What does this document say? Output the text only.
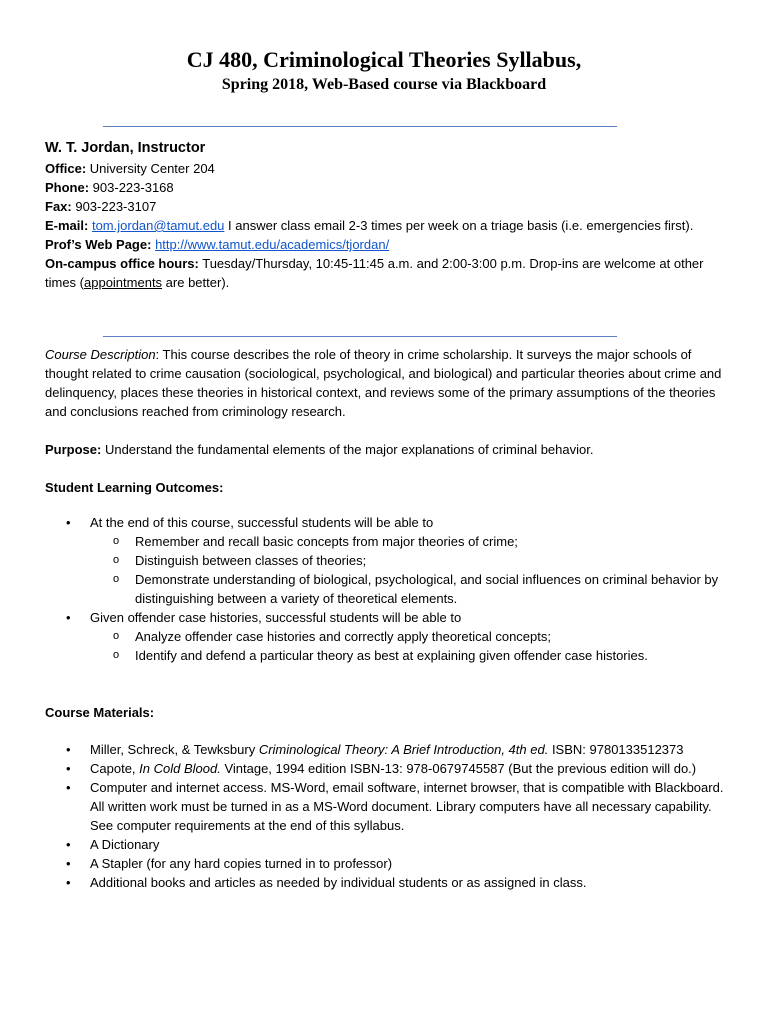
CJ 480, Criminological Theories Syllabus,
Spring 2018, Web-Based course via Blackboard
W. T. Jordan, Instructor
Office: University Center 204
Phone: 903-223-3168
Fax: 903-223-3107
E-mail: tom.jordan@tamut.edu I answer class email 2-3 times per week on a triage basis (i.e. emergencies first).
Prof’s Web Page: http://www.tamut.edu/academics/tjordan/
On-campus office hours: Tuesday/Thursday, 10:45-11:45 a.m. and 2:00-3:00 p.m. Drop-ins are welcome at other times (appointments are better).

Course Description: This course describes the role of theory in crime scholarship. It surveys the major schools of thought related to crime causation (sociological, psychological, and biological) and particular theories about crime and delinquency, places these theories in historical context, and reviews some of the primary assumptions of the theories and conclusions reached from criminology research.

Purpose: Understand the fundamental elements of the major explanations of criminal behavior.

Student Learning Outcomes:
• At the end of this course, successful students will be able to
o Remember and recall basic concepts from major theories of crime;
o Distinguish between classes of theories;
o Demonstrate understanding of biological, psychological, and social influences on criminal behavior by distinguishing between a variety of theoretical elements.
• Given offender case histories, successful students will be able to
o Analyze offender case histories and correctly apply theoretical concepts;
o Identify and defend a particular theory as best at explaining given offender case histories.
Course Materials:
• Miller, Schreck, & Tewksbury Criminological Theory: A Brief Introduction, 4th ed. ISBN: 9780133512373
• Capote, In Cold Blood. Vintage, 1994 edition ISBN-13: 978-0679745587 (But the previous edition will do.)
• Computer and internet access. MS-Word, email software, internet browser, that is compatible with Blackboard. All written work must be turned in as a MS-Word document. Library computers have all necessary capability. See computer requirements at the end of this syllabus.
• A Dictionary
• A Stapler (for any hard copies turned in to professor)
• Additional books and articles as needed by individual students or as assigned in class.
